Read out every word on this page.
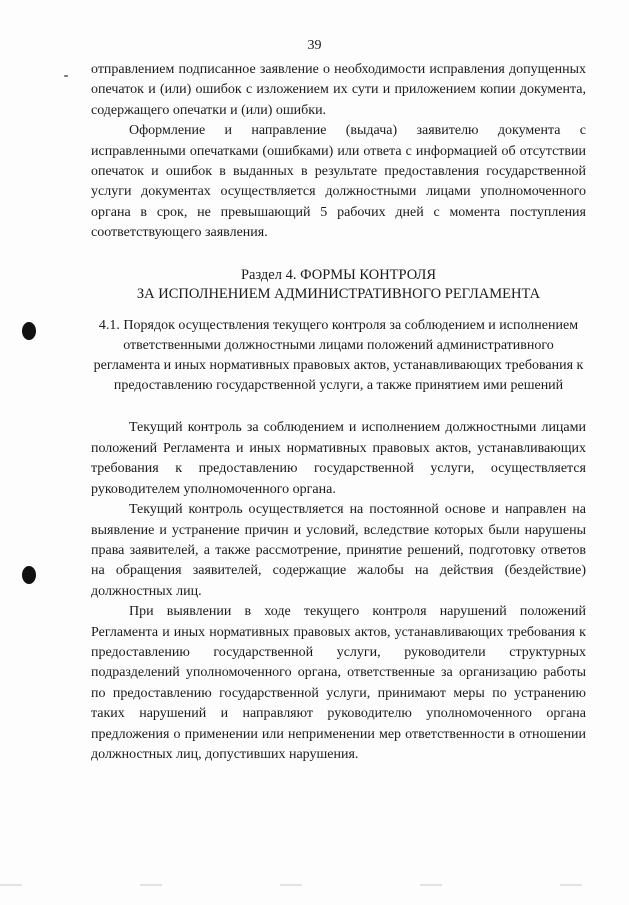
39

отправлением подписанное заявление о необходимости исправления допущенных опечаток и (или) ошибок с изложением их сути и приложением копии документа, содержащего опечатки и (или) ошибки.

Оформление и направление (выдача) заявителю документа с исправленными опечатками (ошибками) или ответа с информацией об отсутствии опечаток и ошибок в выданных в результате предоставления государственной услуги документах осуществляется должностными лицами уполномоченного органа в срок, не превышающий 5 рабочих дней с момента поступления соответствующего заявления.

Раздел 4. ФОРМЫ КОНТРОЛЯ
ЗА ИСПОЛНЕНИЕМ АДМИНИСТРАТИВНОГО РЕГЛАМЕНТА
4.1. Порядок осуществления текущего контроля за соблюдением и исполнением ответственными должностными лицами положений административного регламента и иных нормативных правовых актов, устанавливающих требования к предоставлению государственной услуги, а также принятием ими решений

Текущий контроль за соблюдением и исполнением должностными лицами положений Регламента и иных нормативных правовых актов, устанавливающих требования к предоставлению государственной услуги, осуществляется руководителем уполномоченного органа.

Текущий контроль осуществляется на постоянной основе и направлен на выявление и устранение причин и условий, вследствие которых были нарушены права заявителей, а также рассмотрение, принятие решений, подготовку ответов на обращения заявителей, содержащие жалобы на действия (бездействие) должностных лиц.

При выявлении в ходе текущего контроля нарушений положений Регламента и иных нормативных правовых актов, устанавливающих требования к предоставлению государственной услуги, руководители структурных подразделений уполномоченного органа, ответственные за организацию работы по предоставлению государственной услуги, принимают меры по устранению таких нарушений и направляют руководителю уполномоченного органа предложения о применении или неприменении мер ответственности в отношении должностных лиц, допустивших нарушения.
